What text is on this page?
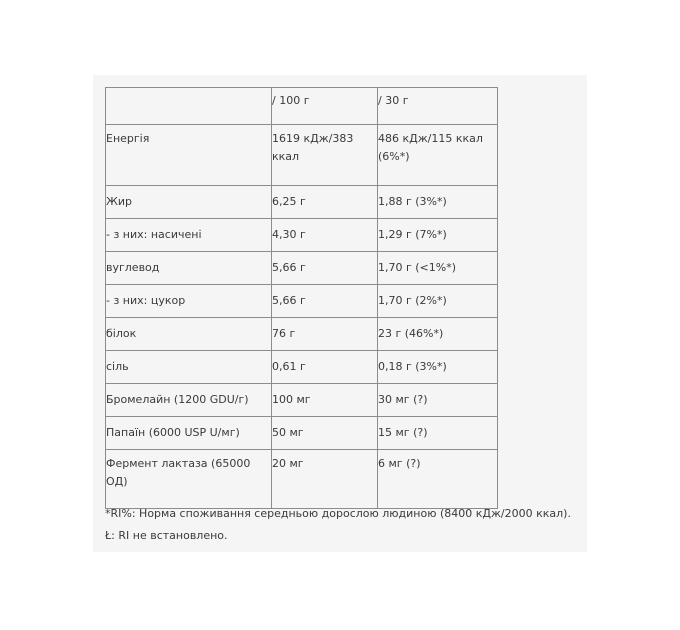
	/ 100 г	/ 30 г
Енергія	1619 кДж/383 ккал	486 кДж/115 ккал (6%*)
Жир	6,25 г	1,88 г (3%*)
- з них: насичені	4,30 г	1,29 г (7%*)
вуглевод	5,66 г	1,70 г (<1%*)
- з них: цукор	5,66 г	1,70 г (2%*)
білок	76 г	23 г (46%*)
сіль	0,61 г	0,18 г (3%*)
Бромелайн (1200 GDU/г)	100 мг	30 мг (?)
Папаїн (6000 USP U/мг)	50 мг	15 мг (?)
Фермент лактаза (65000 ОД)	20 мг	6 мг (?)
*RI%: Норма споживання середньою дорослою людиною (8400 кДж/2000 ккал).
Ł: RI не встановлено.
